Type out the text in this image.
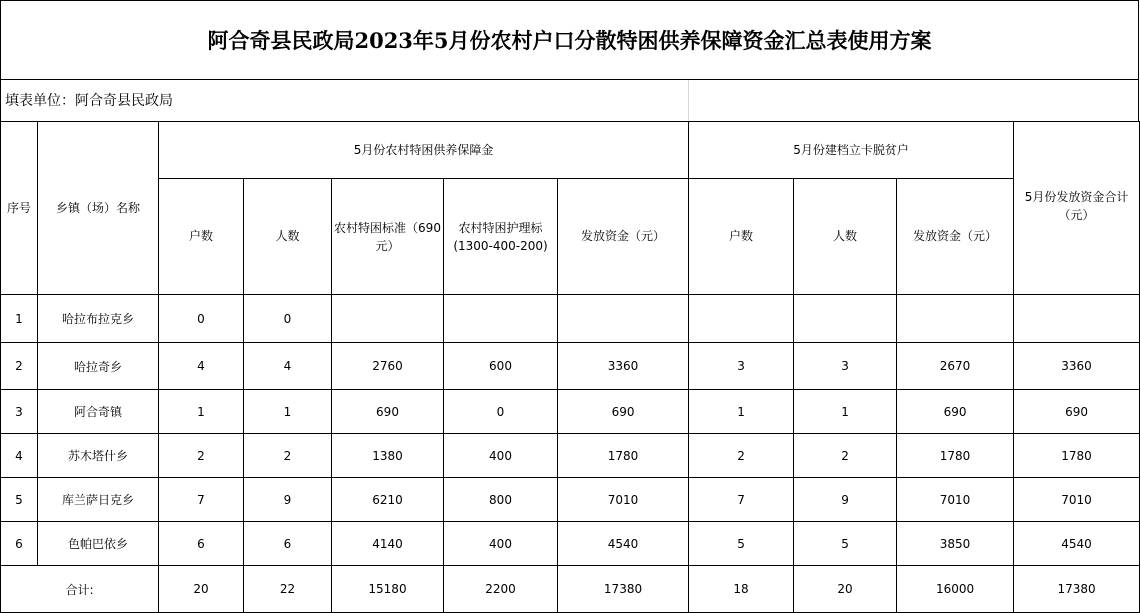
阿合奇县民政局2023年5月份农村户口分散特困供养保障资金汇总表使用方案
填表单位：阿合奇县民政局
序号	乡镇（场）名称	5月份农村特困供养保障金					5月份建档立卡脱贫户			5月份发放资金合计（元）
		户数	人数	农村特困标准（690元）	农村特困护理标(1300-400-200)	发放资金（元）	户数	人数	发放资金（元）	
1	哈拉布拉克乡	0	0							
2	哈拉奇乡	4	4	2760	600	3360	3	3	2670	3360
3	阿合奇镇	1	1	690	0	690	1	1	690	690
4	苏木塔什乡	2	2	1380	400	1780	2	2	1780	1780
5	库兰萨日克乡	7	9	6210	800	7010	7	9	7010	7010
6	色帕巴依乡	6	6	4140	400	4540	5	5	3850	4540
合计:		20	22	15180	2200	17380	18	20	16000	17380
